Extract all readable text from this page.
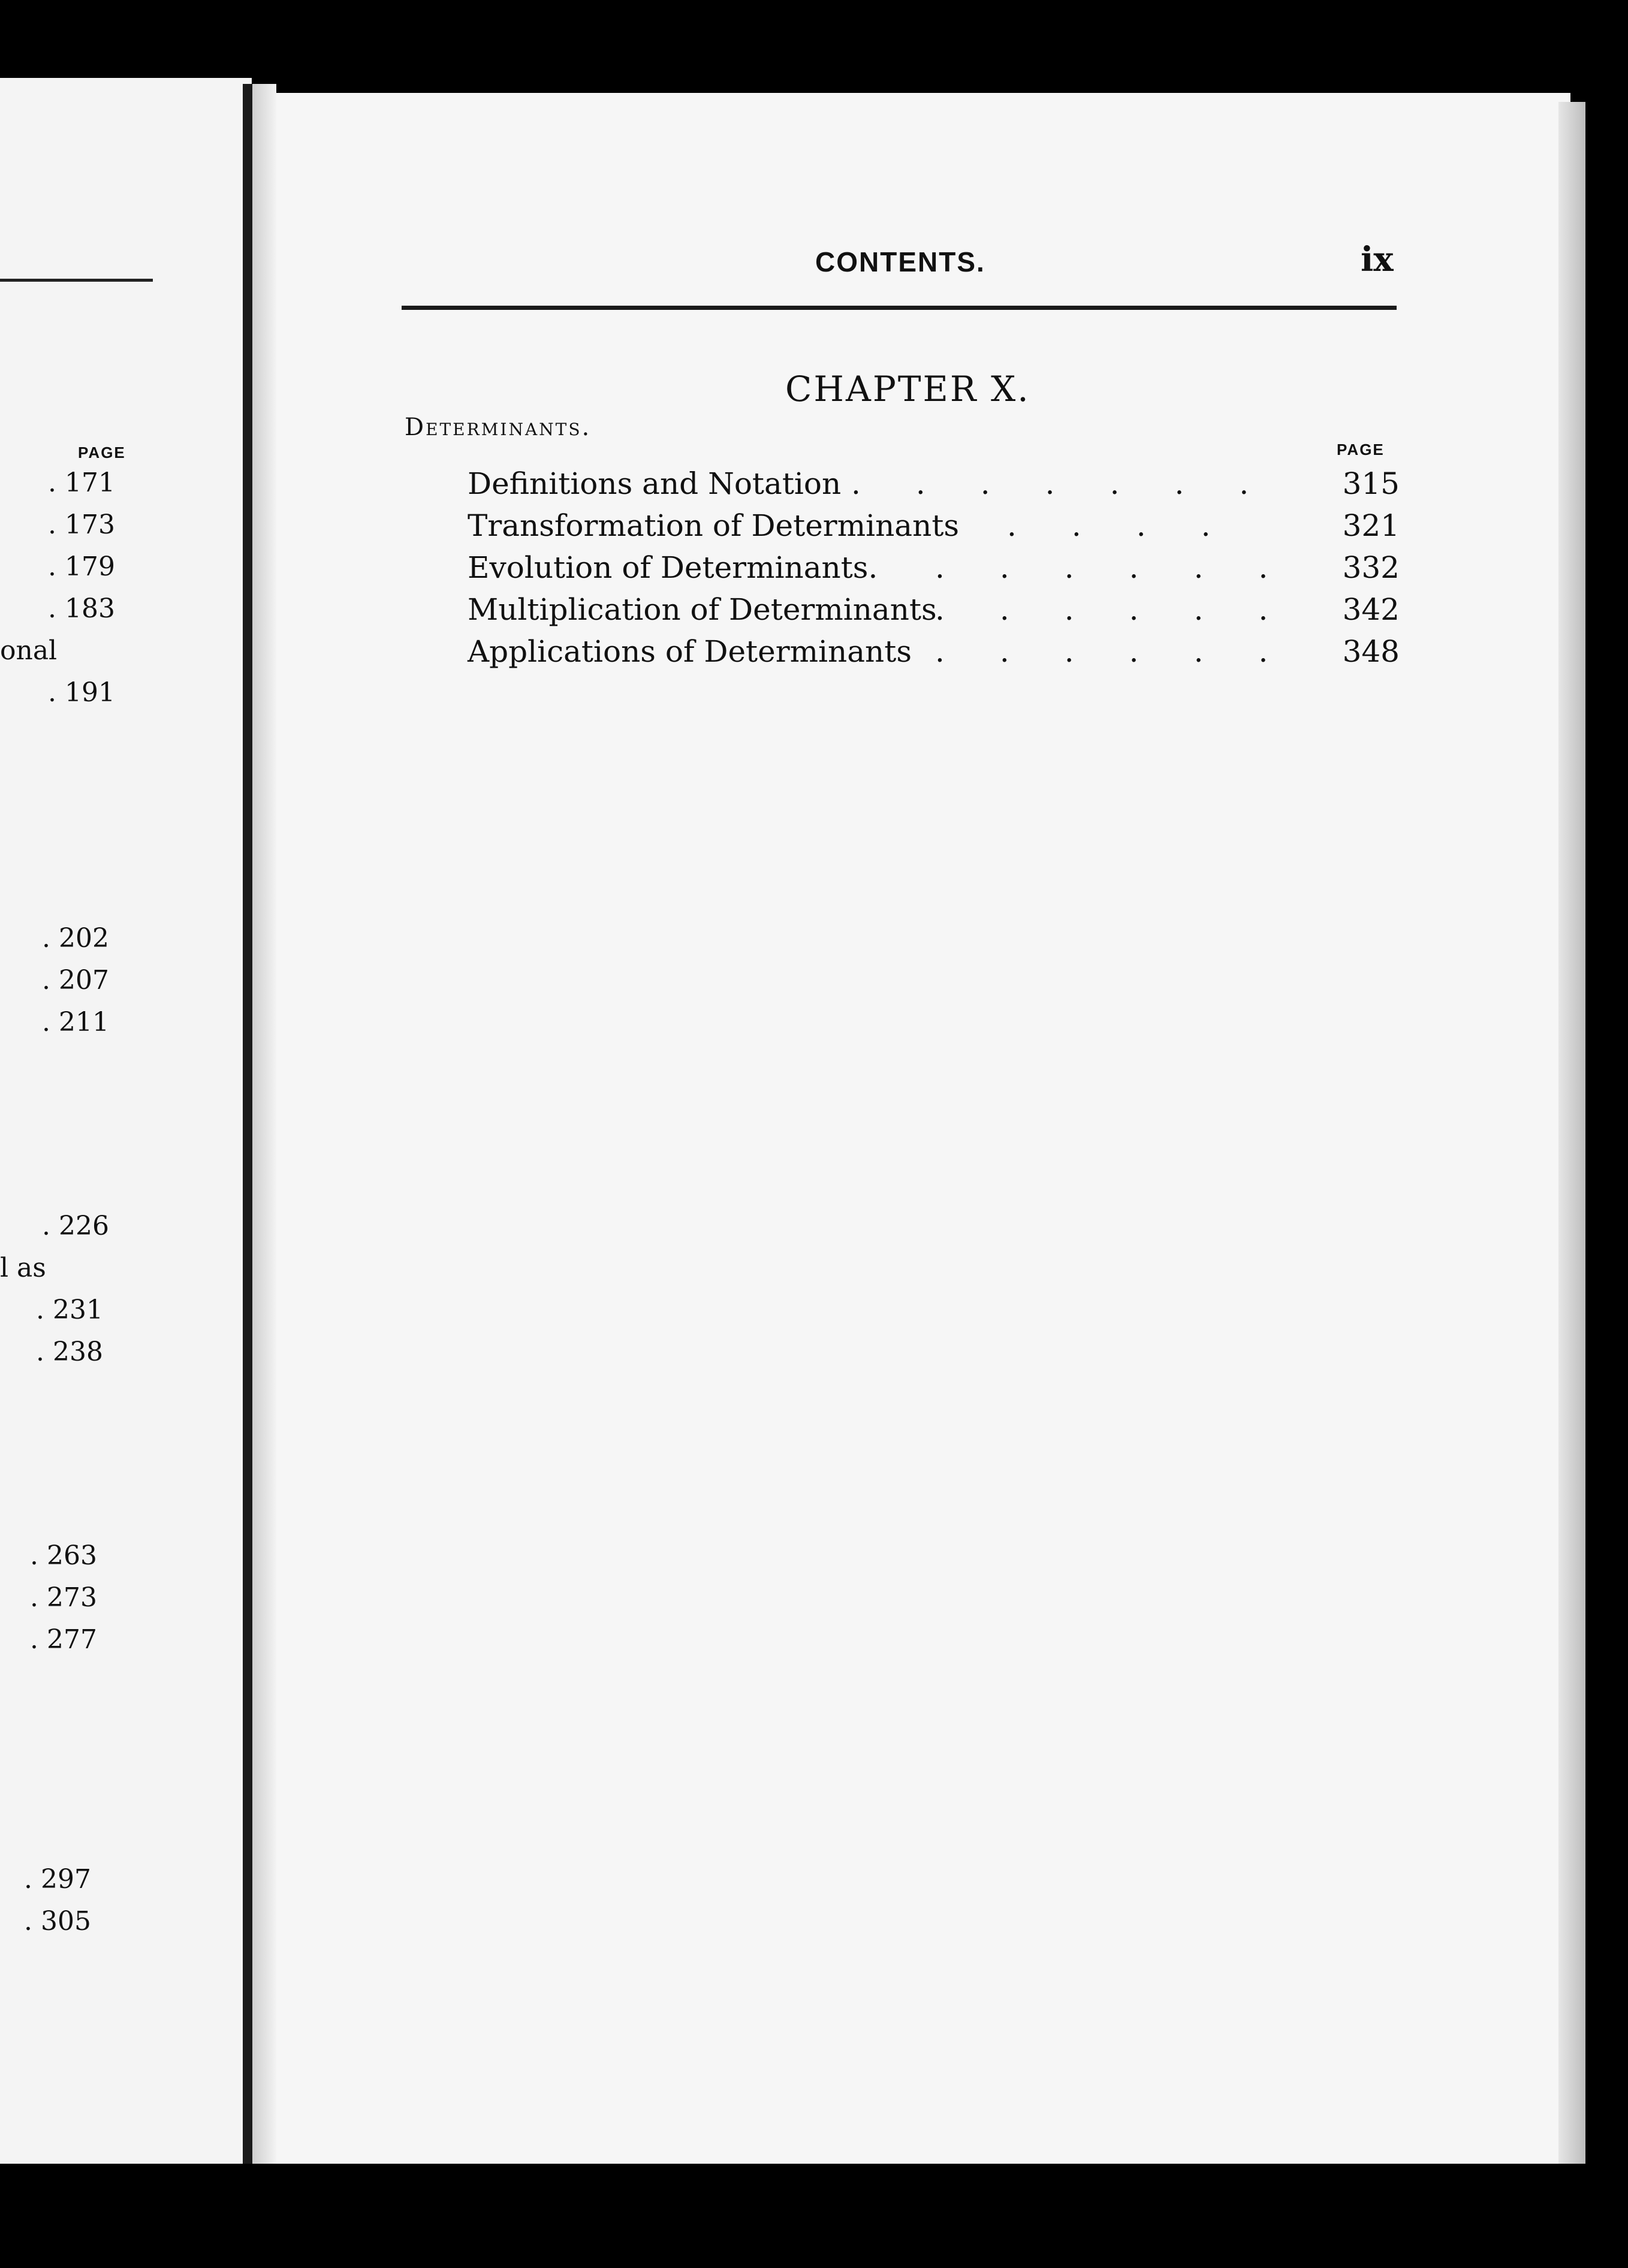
PAGE
. 171
. 173
. 179
. 183
onal
. 191
. 202
. 207
. 211
. 226
l as
. 231
. 238
. 263
. 273
. 277
. 297
. 305
CONTENTS.	ix
CHAPTER X.
Determinants.
PAGE
Definitions and Notation ....... 315
Transformation of Determinants ....	321
Evolution of Determinants. ...... 332
Multiplication of Determinants
...... 342
Applications of Determinants ...... 348
